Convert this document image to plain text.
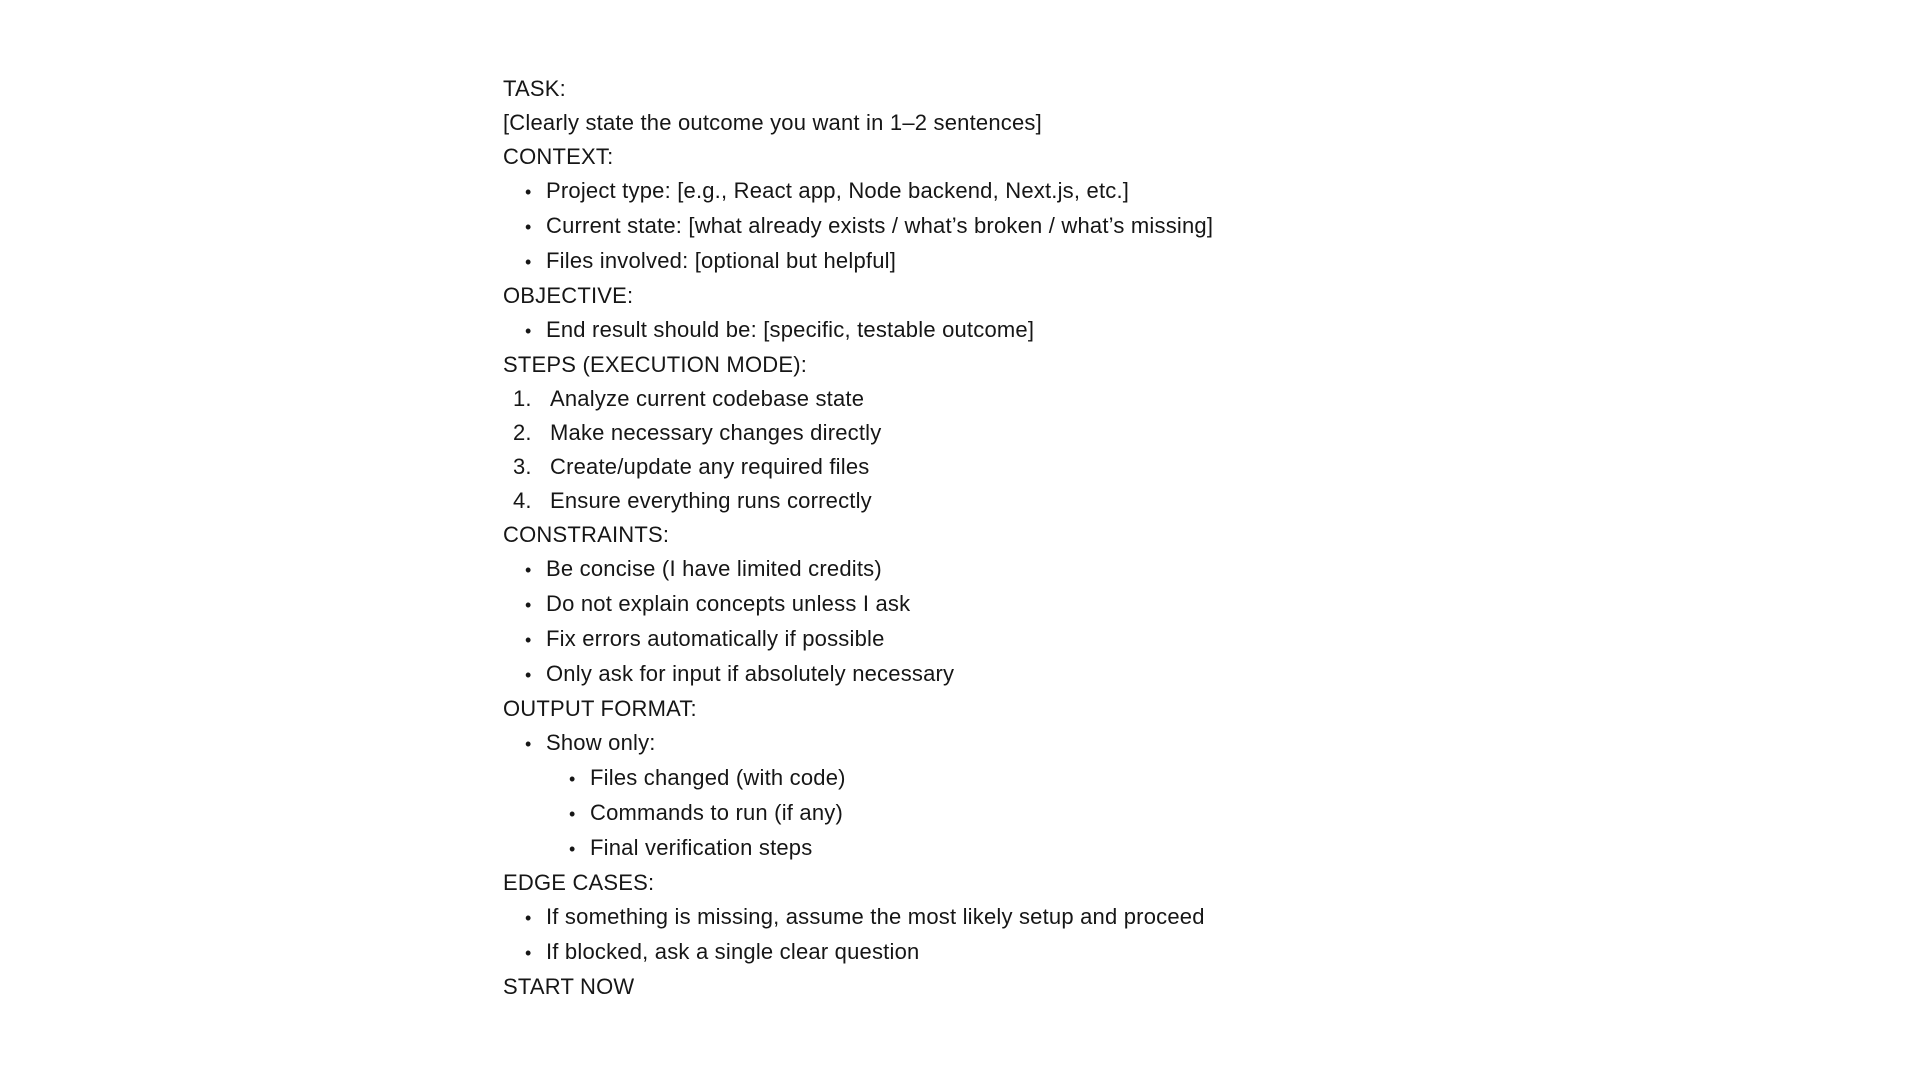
TASK:
[Clearly state the outcome you want in 1–2 sentences]
CONTEXT:
• Project type: [e.g., React app, Node backend, Next.js, etc.]
• Current state: [what already exists / what’s broken / what’s missing]
• Files involved: [optional but helpful]
OBJECTIVE:
• End result should be: [specific, testable outcome]
STEPS (EXECUTION MODE):
1. Analyze current codebase state
2. Make necessary changes directly
3. Create/update any required files
4. Ensure everything runs correctly
CONSTRAINTS:
• Be concise (I have limited credits)
• Do not explain concepts unless I ask
• Fix errors automatically if possible
• Only ask for input if absolutely necessary
OUTPUT FORMAT:
• Show only:
• Files changed (with code)
• Commands to run (if any)
• Final verification steps
EDGE CASES:
• If something is missing, assume the most likely setup and proceed
• If blocked, ask a single clear question
START NOW
